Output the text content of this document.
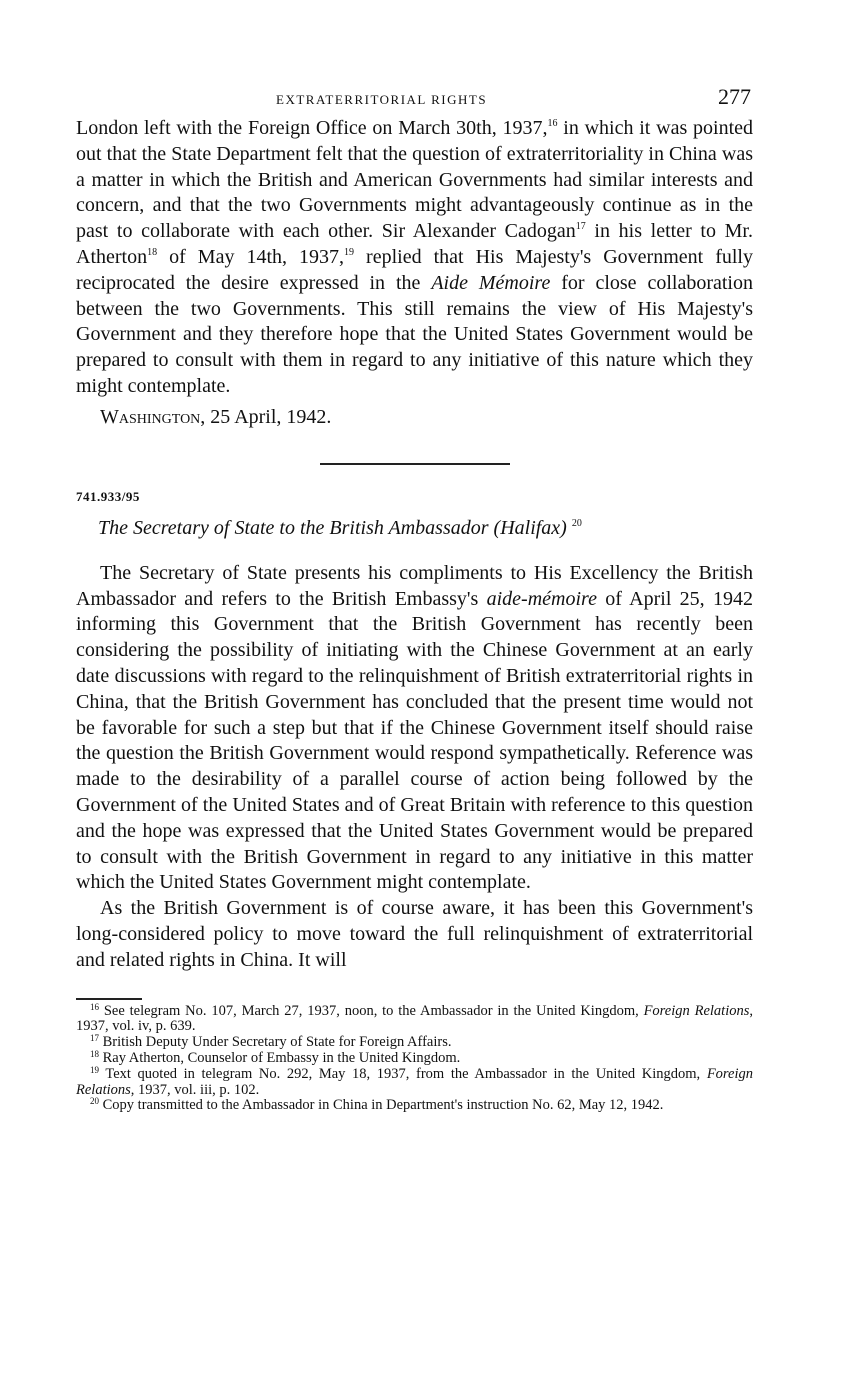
EXTRATERRITORIAL RIGHTS	277

London left with the Foreign Office on March 30th, 1937,16 in which it was pointed out that the State Department felt that the question of extraterritoriality in China was a matter in which the British and American Governments had similar interests and concern, and that the two Governments might advantageously continue as in the past to collaborate with each other. Sir Alexander Cadogan$^{17}$ in his letter to Mr. Atherton$^{18}$ of May 14th, 1937,19 replied that His Majesty's Government fully reciprocated the desire expressed in the Aide Mémoire for close collaboration between the two Governments. This still remains the view of His Majesty's Government and they therefore hope that the United States Government would be prepared to consult with them in regard to any initiative of this nature which they might contemplate.

Washington, 25 April, 1942.

741.933/95
The Secretary of State to the British Ambassador (Halifax) $^{20}$

The Secretary of State presents his compliments to His Excellency the British Ambassador and refers to the British Embassy's aide-mémoire of April 25, 1942 informing this Government that the British Government has recently been considering the possibility of initiating with the Chinese Government at an early date discussions with regard to the relinquishment of British extraterritorial rights in China, that the British Government has concluded that the present time would not be favorable for such a step but that if the Chinese Government itself should raise the question the British Government would respond sympathetically. Reference was made to the desirability of a parallel course of action being followed by the Government of the United States and of Great Britain with reference to this question and the hope was expressed that the United States Government would be prepared to consult with the British Government in regard to any initiative in this matter which the United States Government might contemplate.

As the British Government is of course aware, it has been this Government's long-considered policy to move toward the full relinquishment of extraterritorial and related rights in China. It will

$^{16}$ See telegram No. 107, March 27, 1937, noon, to the Ambassador in the United Kingdom, Foreign Relations, 1937, vol. iv, p. 639.

$^{17}$ British Deputy Under Secretary of State for Foreign Affairs.

$^{18}$ Ray Atherton, Counselor of Embassy in the United Kingdom.

$^{19}$ Text quoted in telegram No. 292, May 18, 1937, from the Ambassador in the United Kingdom, Foreign Relations, 1937, vol. iii, p. 102.

$^{20}$ Copy transmitted to the Ambassador in China in Department's instruction No. 62, May 12, 1942.
